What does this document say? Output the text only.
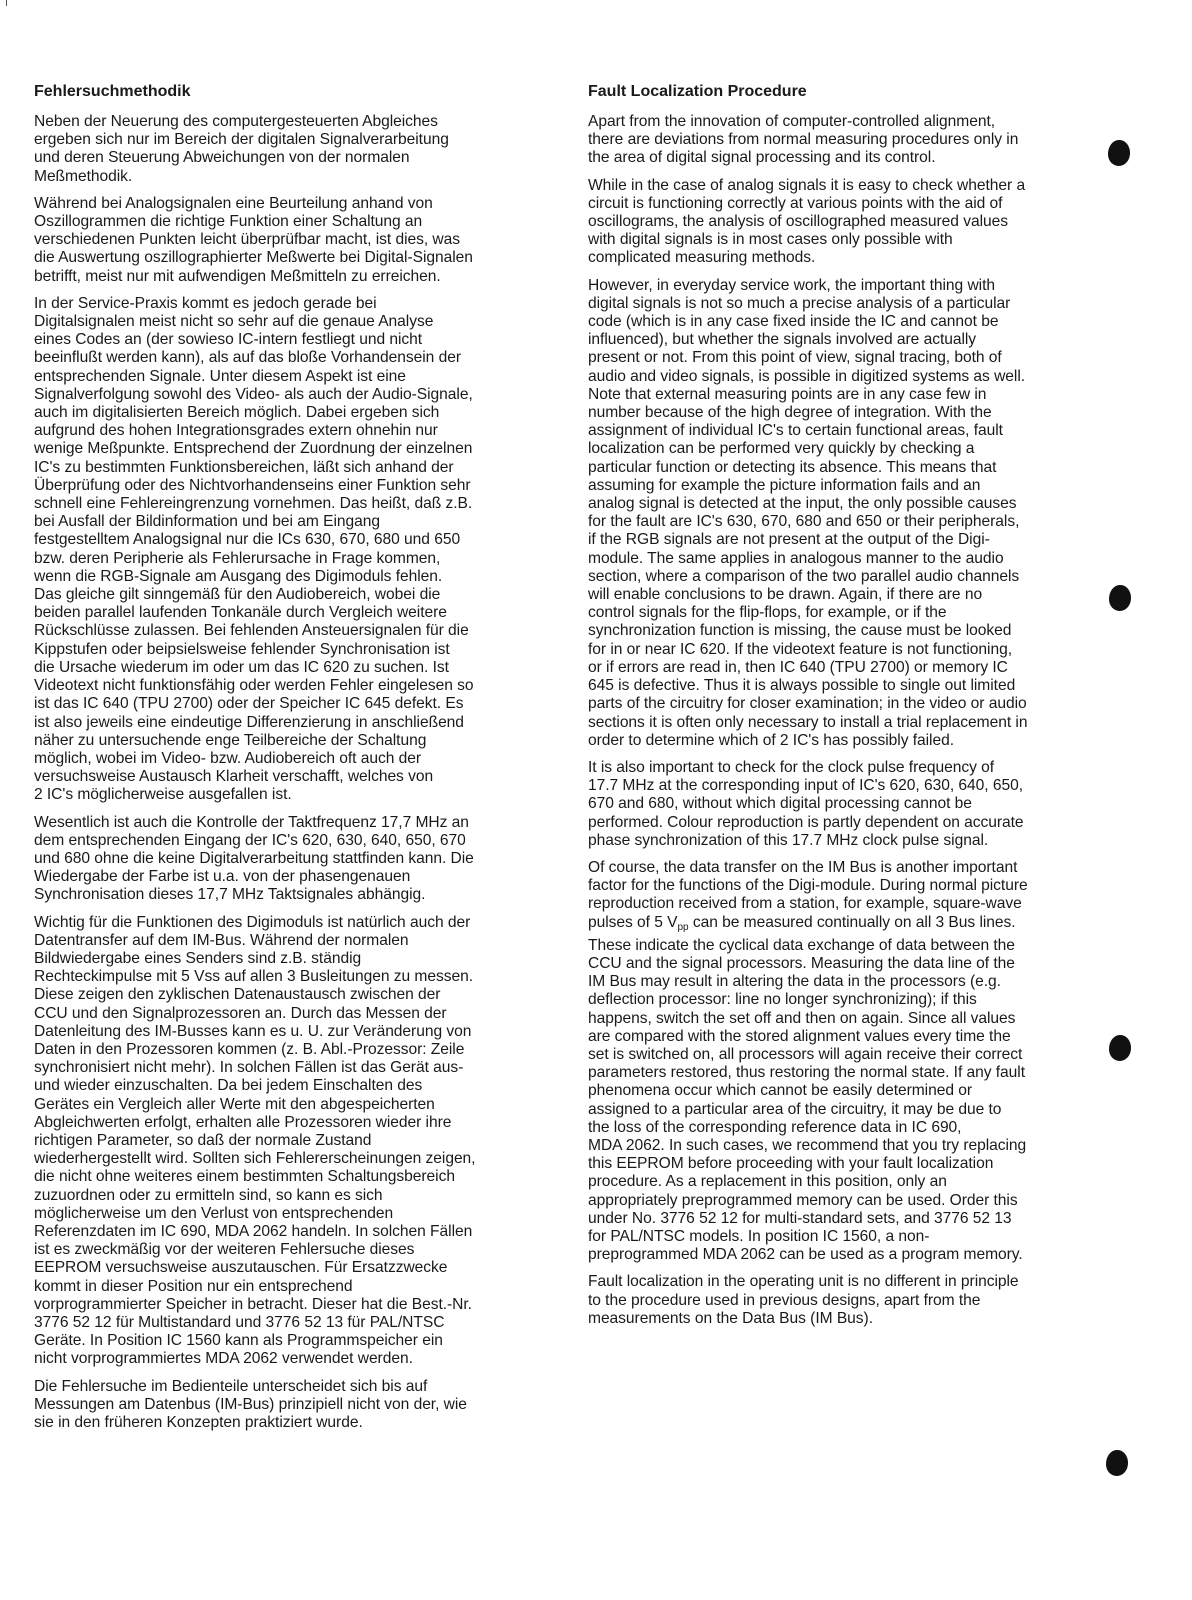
Fehlersuchmethodik
Neben der Neuerung des computergesteuerten Abgleiches
ergeben sich nur im Bereich der digitalen Signalverarbeitung
und deren Steuerung Abweichungen von der normalen
Meßmethodik.
Während bei Analogsignalen eine Beurteilung anhand von
Oszillogrammen die richtige Funktion einer Schaltung an
verschiedenen Punkten leicht überprüfbar macht, ist dies, was
die Auswertung oszillographierter Meßwerte bei Digital-Signalen
betrifft, meist nur mit aufwendigen Meßmitteln zu erreichen.
In der Service-Praxis kommt es jedoch gerade bei
Digitalsignalen meist nicht so sehr auf die genaue Analyse
eines Codes an (der sowieso IC-intern festliegt und nicht
beeinflußt werden kann), als auf das bloße Vorhandensein der
entsprechenden Signale. Unter diesem Aspekt ist eine
Signalverfolgung sowohl des Video- als auch der Audio-Signale,
auch im digitalisierten Bereich möglich. Dabei ergeben sich
aufgrund des hohen Integrationsgrades extern ohnehin nur
wenige Meßpunkte. Entsprechend der Zuordnung der einzelnen
IC's zu bestimmten Funktionsbereichen, läßt sich anhand der
Überprüfung oder des Nichtvorhandenseins einer Funktion sehr
schnell eine Fehlereingrenzung vornehmen. Das heißt, daß z.B.
bei Ausfall der Bildinformation und bei am Eingang
festgestelltem Analogsignal nur die ICs 630, 670, 680 und 650
bzw. deren Peripherie als Fehlerursache in Frage kommen,
wenn die RGB-Signale am Ausgang des Digimoduls fehlen.
Das gleiche gilt sinngemäß für den Audiobereich, wobei die
beiden parallel laufenden Tonkanäle durch Vergleich weitere
Rückschlüsse zulassen. Bei fehlenden Ansteuersignalen für die
Kippstufen oder beipsielsweise fehlender Synchronisation ist
die Ursache wiederum im oder um das IC 620 zu suchen. Ist
Videotext nicht funktionsfähig oder werden Fehler eingelesen so
ist das IC 640 (TPU 2700) oder der Speicher IC 645 defekt. Es
ist also jeweils eine eindeutige Differenzierung in anschließend
näher zu untersuchende enge Teilbereiche der Schaltung
möglich, wobei im Video- bzw. Audiobereich oft auch der
versuchsweise Austausch Klarheit verschafft, welches von
2 IC's möglicherweise ausgefallen ist.
Wesentlich ist auch die Kontrolle der Taktfrequenz 17,7 MHz an
dem entsprechenden Eingang der IC's 620, 630, 640, 650, 670
und 680 ohne die keine Digitalverarbeitung stattfinden kann. Die
Wiedergabe der Farbe ist u.a. von der phasengenauen
Synchronisation dieses 17,7 MHz Taktsignales abhängig.
Wichtig für die Funktionen des Digimoduls ist natürlich auch der
Datentransfer auf dem IM-Bus. Während der normalen
Bildwiedergabe eines Senders sind z.B. ständig
Rechteckimpulse mit 5 Vss auf allen 3 Busleitungen zu messen.
Diese zeigen den zyklischen Datenaustausch zwischen der
CCU und den Signalprozessoren an. Durch das Messen der
Datenleitung des IM-Busses kann es u. U. zur Veränderung von
Daten in den Prozessoren kommen (z. B. Abl.-Prozessor: Zeile
synchronisiert nicht mehr). In solchen Fällen ist das Gerät aus-
und wieder einzuschalten. Da bei jedem Einschalten des
Gerätes ein Vergleich aller Werte mit den abgespeicherten
Abgleichwerten erfolgt, erhalten alle Prozessoren wieder ihre
richtigen Parameter, so daß der normale Zustand
wiederhergestellt wird. Sollten sich Fehlererscheinungen zeigen,
die nicht ohne weiteres einem bestimmten Schaltungsbereich
zuzuordnen oder zu ermitteln sind, so kann es sich
möglicherweise um den Verlust von entsprechenden
Referenzdaten im IC 690, MDA 2062 handeln. In solchen Fällen
ist es zweckmäßig vor der weiteren Fehlersuche dieses
EEPROM versuchsweise auszutauschen. Für Ersatzzwecke
kommt in dieser Position nur ein entsprechend
vorprogrammierter Speicher in betracht. Dieser hat die Best.-Nr.
3776 52 12 für Multistandard und 3776 52 13 für PAL/NTSC
Geräte. In Position IC 1560 kann als Programmspeicher ein
nicht vorprogrammiertes MDA 2062 verwendet werden.
Die Fehlersuche im Bedienteile unterscheidet sich bis auf
Messungen am Datenbus (IM-Bus) prinzipiell nicht von der, wie
sie in den früheren Konzepten praktiziert wurde.
Fault Localization Procedure
Apart from the innovation of computer-controlled alignment,
there are deviations from normal measuring procedures only in
the area of digital signal processing and its control.
While in the case of analog signals it is easy to check whether a
circuit is functioning correctly at various points with the aid of
oscillograms, the analysis of oscillographed measured values
with digital signals is in most cases only possible with
complicated measuring methods.
However, in everyday service work, the important thing with
digital signals is not so much a precise analysis of a particular
code (which is in any case fixed inside the IC and cannot be
influenced), but whether the signals involved are actually
present or not. From this point of view, signal tracing, both of
audio and video signals, is possible in digitized systems as well.
Note that external measuring points are in any case few in
number because of the high degree of integration. With the
assignment of individual IC's to certain functional areas, fault
localization can be performed very quickly by checking a
particular function or detecting its absence. This means that
assuming for example the picture information fails and an
analog signal is detected at the input, the only possible causes
for the fault are IC's 630, 670, 680 and 650 or their peripherals,
if the RGB signals are not present at the output of the Digi-
module. The same applies in analogous manner to the audio
section, where a comparison of the two parallel audio channels
will enable conclusions to be drawn. Again, if there are no
control signals for the flip-flops, for example, or if the
synchronization function is missing, the cause must be looked
for in or near IC 620. If the videotext feature is not functioning,
or if errors are read in, then IC 640 (TPU 2700) or memory IC
645 is defective. Thus it is always possible to single out limited
parts of the circuitry for closer examination; in the video or audio
sections it is often only necessary to install a trial replacement in
order to determine which of 2 IC's has possibly failed.
It is also important to check for the clock pulse frequency of
17.7 MHz at the corresponding input of IC's 620, 630, 640, 650,
670 and 680, without which digital processing cannot be
performed. Colour reproduction is partly dependent on accurate
phase synchronization of this 17.7 MHz clock pulse signal.
Of course, the data transfer on the IM Bus is another important
factor for the functions of the Digi-module. During normal picture
reproduction received from a station, for example, square-wave
pulses of 5 $V_{pp}$ can be measured continually on all 3 Bus lines.
These indicate the cyclical data exchange of data between the
CCU and the signal processors. Measuring the data line of the
IM Bus may result in altering the data in the processors (e.g.
deflection processor: line no longer synchronizing); if this
happens, switch the set off and then on again. Since all values
are compared with the stored alignment values every time the
set is switched on, all processors will again receive their correct
parameters restored, thus restoring the normal state. If any fault
phenomena occur which cannot be easily determined or
assigned to a particular area of the circuitry, it may be due to
the loss of the corresponding reference data in IC 690,
MDA 2062. In such cases, we recommend that you try replacing
this EEPROM before proceeding with your fault localization
procedure. As a replacement in this position, only an
appropriately preprogrammed memory can be used. Order this
under No. 3776 52 12 for multi-standard sets, and 3776 52 13
for PAL/NTSC models. In position IC 1560, a non-
preprogrammed MDA 2062 can be used as a program memory.
Fault localization in the operating unit is no different in principle
to the procedure used in previous designs, apart from the
measurements on the Data Bus (IM Bus).
